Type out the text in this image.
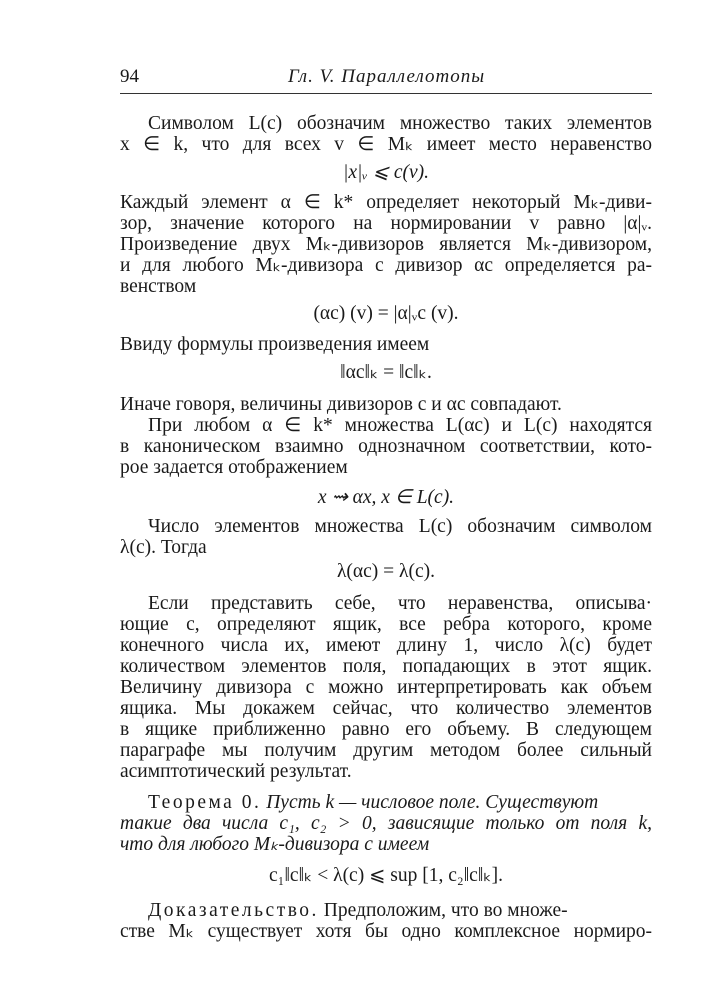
94	Гл. V. Параллелотопы
Символом L(c) обозначим множество таких элементов
x ∈ k, что для всех v ∈ Mₖ имеет место неравенство
|x|ᵥ ⩽ c(v).
Каждый элемент α ∈ k* определяет некоторый Mₖ-диви-
зор, значение которого на нормировании v равно |α|ᵥ.
Произведение двух Mₖ-дивизоров является Mₖ-дивизором,
и для любого Mₖ-дивизора c дивизор αc определяется ра-
венством
(αc) (v) = |α|ᵥc (v).
Ввиду формулы произведения имеем
‖αc‖ₖ = ‖c‖ₖ.
Иначе говоря, величины дивизоров c и αc совпадают.
При любом α ∈ k* множества L(αc) и L(c) находятся
в каноническом взаимно однозначном соответствии, кото-
рое задается отображением
x ⇝ αx, x ∈ L(c).
Число элементов множества L(c) обозначим символом
λ(c). Тогда
λ(αc) = λ(c).
Если представить себе, что неравенства, описыва·
ющие c, определяют ящик, все ребра которого, кроме
конечного числа их, имеют длину 1, число λ(c) будет
количеством элементов поля, попадающих в этот ящик.
Величину дивизора c можно интерпретировать как объем
ящика. Мы докажем сейчас, что количество элементов
в ящике приближенно равно его объему. В следующем
параграфе мы получим другим методом более сильный
асимптотический результат.
Теорема 0. Пусть k — числовое поле. Существуют
такие два числа c₁, c₂ > 0, зависящие только от поля k,
что для любого Mₖ-дивизора c имеем
c₁‖c‖ₖ < λ(c) ⩽ sup [1, c₂‖c‖ₖ].
Доказательство. Предположим, что во множе-
стве Mₖ существует хотя бы одно комплексное нормиро-
